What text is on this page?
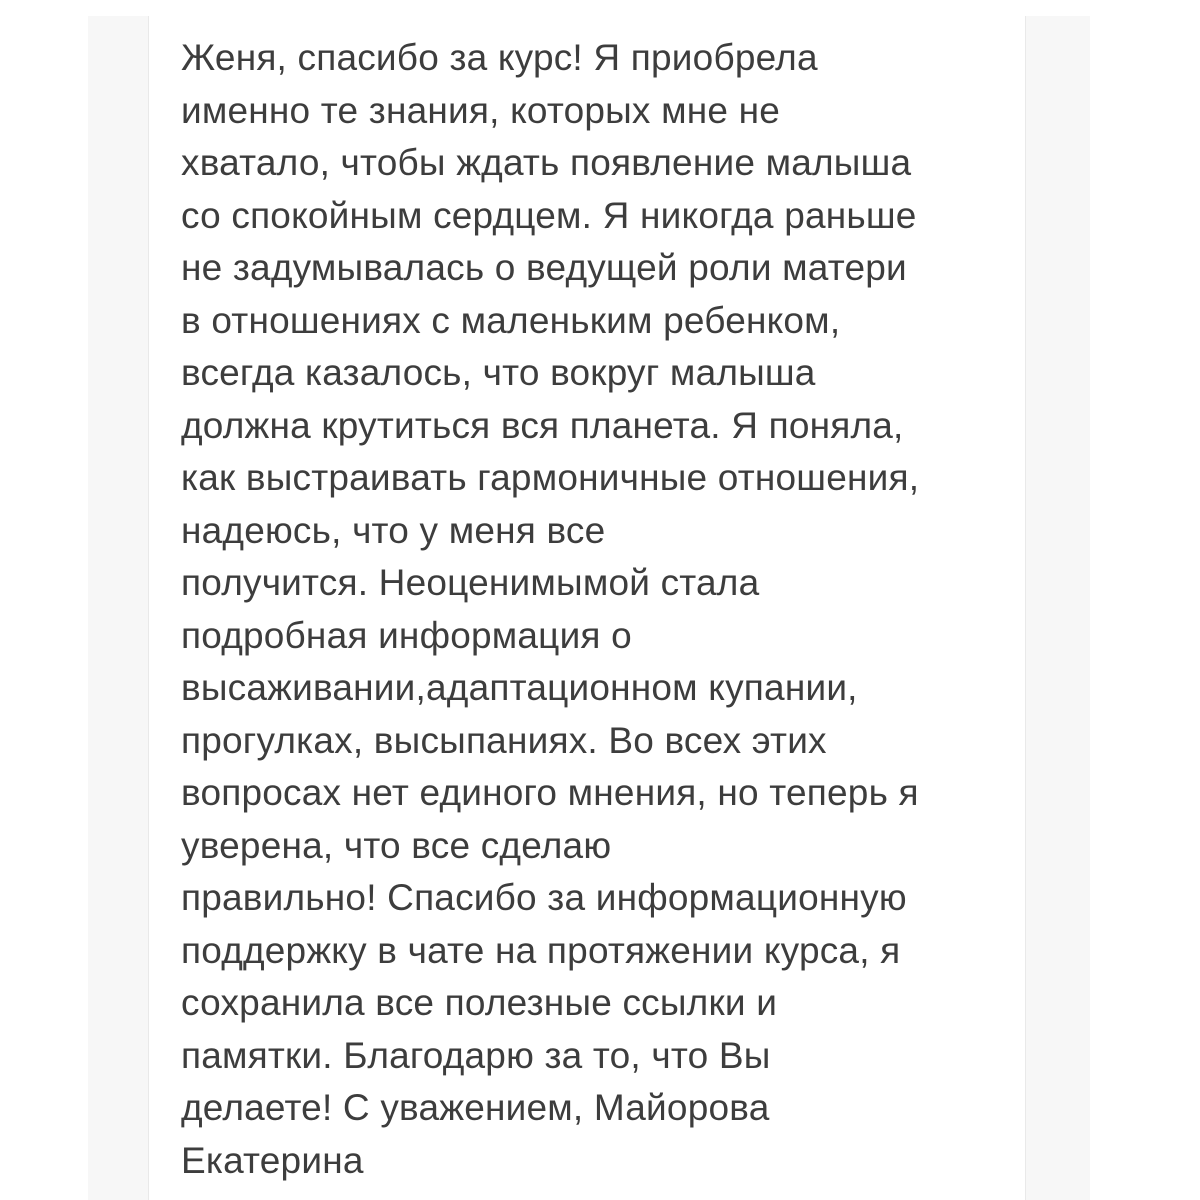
Женя, спасибо за курс! Я приобрела
именно те знания, которых мне не
хватало, чтобы ждать появление малыша
со спокойным сердцем. Я никогда раньше
не задумывалась о ведущей роли матери
в отношениях с маленьким ребенком,
всегда казалось, что вокруг малыша
должна крутиться вся планета. Я поняла,
как выстраивать гармоничные отношения,
надеюсь, что у меня все
получится. Неоценимымой стала
подробная информация о
высаживании,адаптационном купании,
прогулках, высыпаниях. Во всех этих
вопросах нет единого мнения, но теперь я
уверена, что все сделаю
правильно! Спасибо за информационную
поддержку в чате на протяжении курса, я
сохранила все полезные ссылки и
памятки. Благодарю за то, что Вы
делаете! С уважением, Майорова
Екатерина
